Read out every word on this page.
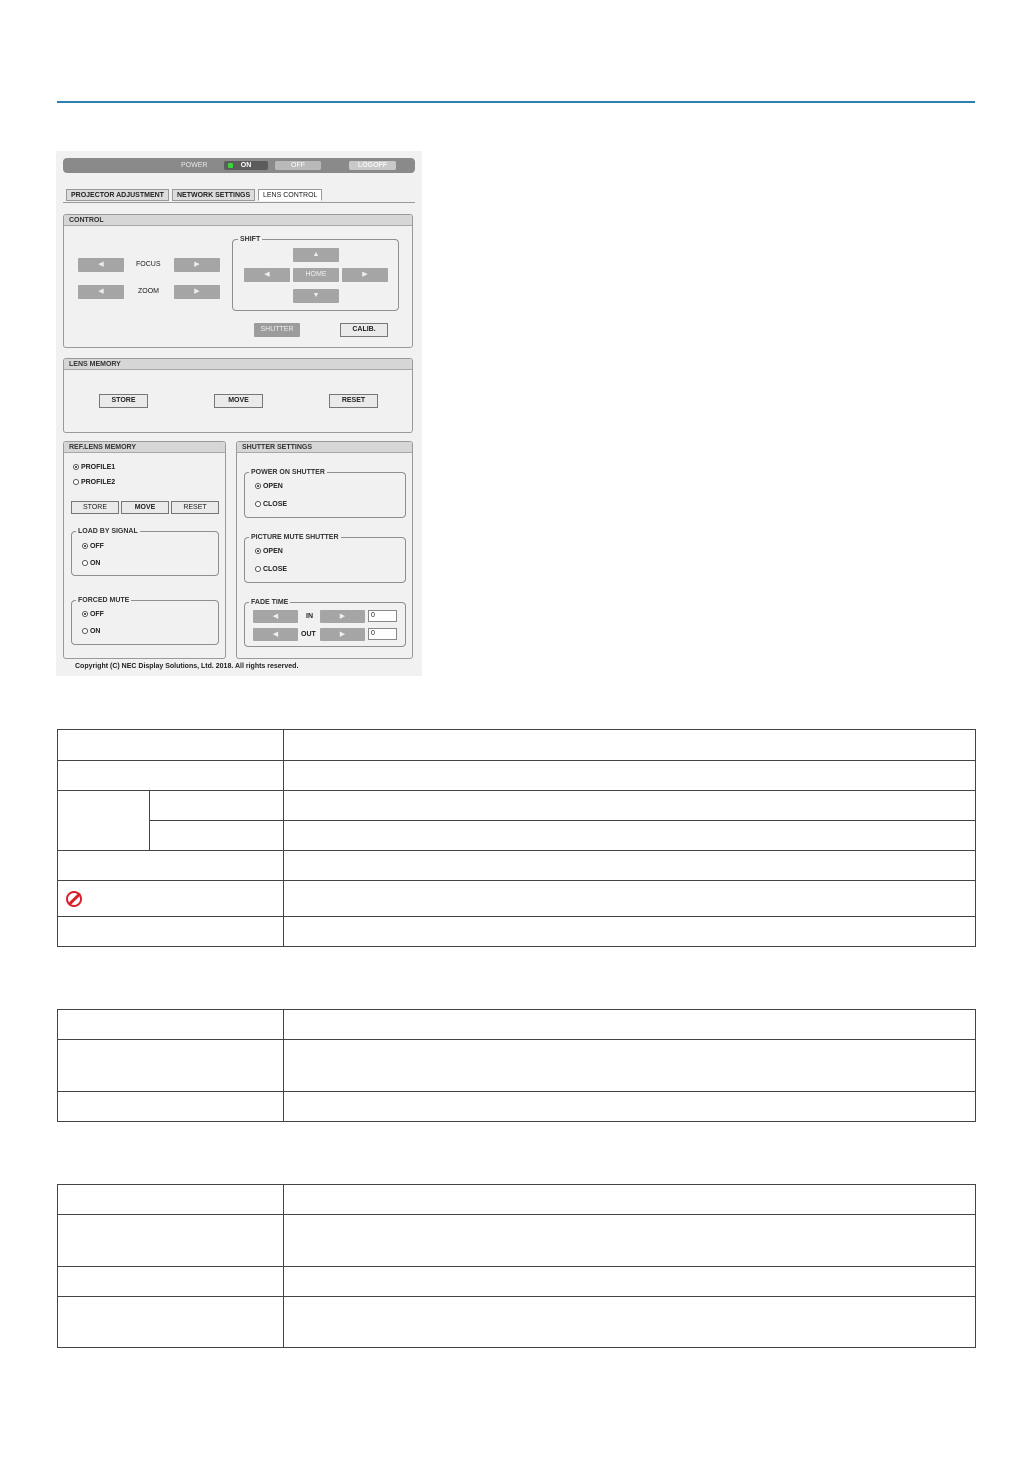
POWER	ON	OFF	LOGOFF
PROJECTOR ADJUSTMENT	NETWORK SETTINGS	LENS CONTROL
CONTROL
◀	FOCUS	▶
◀	ZOOM	▶
SHIFT
▲
◀	HOME	▶
▼
SHUTTER	CALIB.
LENS MEMORY
STORE	MOVE	RESET
REF.LENS MEMORY
PROFILE1
PROFILE2
STORE	MOVE	RESET
LOAD BY SIGNAL
OFF
ON
FORCED MUTE
OFF
ON
SHUTTER SETTINGS
POWER ON SHUTTER
OPEN
CLOSE
PICTURE MUTE SHUTTER
OPEN
CLOSE
FADE TIME
◀	IN	▶	0
◀	OUT	▶	0
Copyright (C) NEC Display Solutions, Ltd. 2018. All rights reserved.
